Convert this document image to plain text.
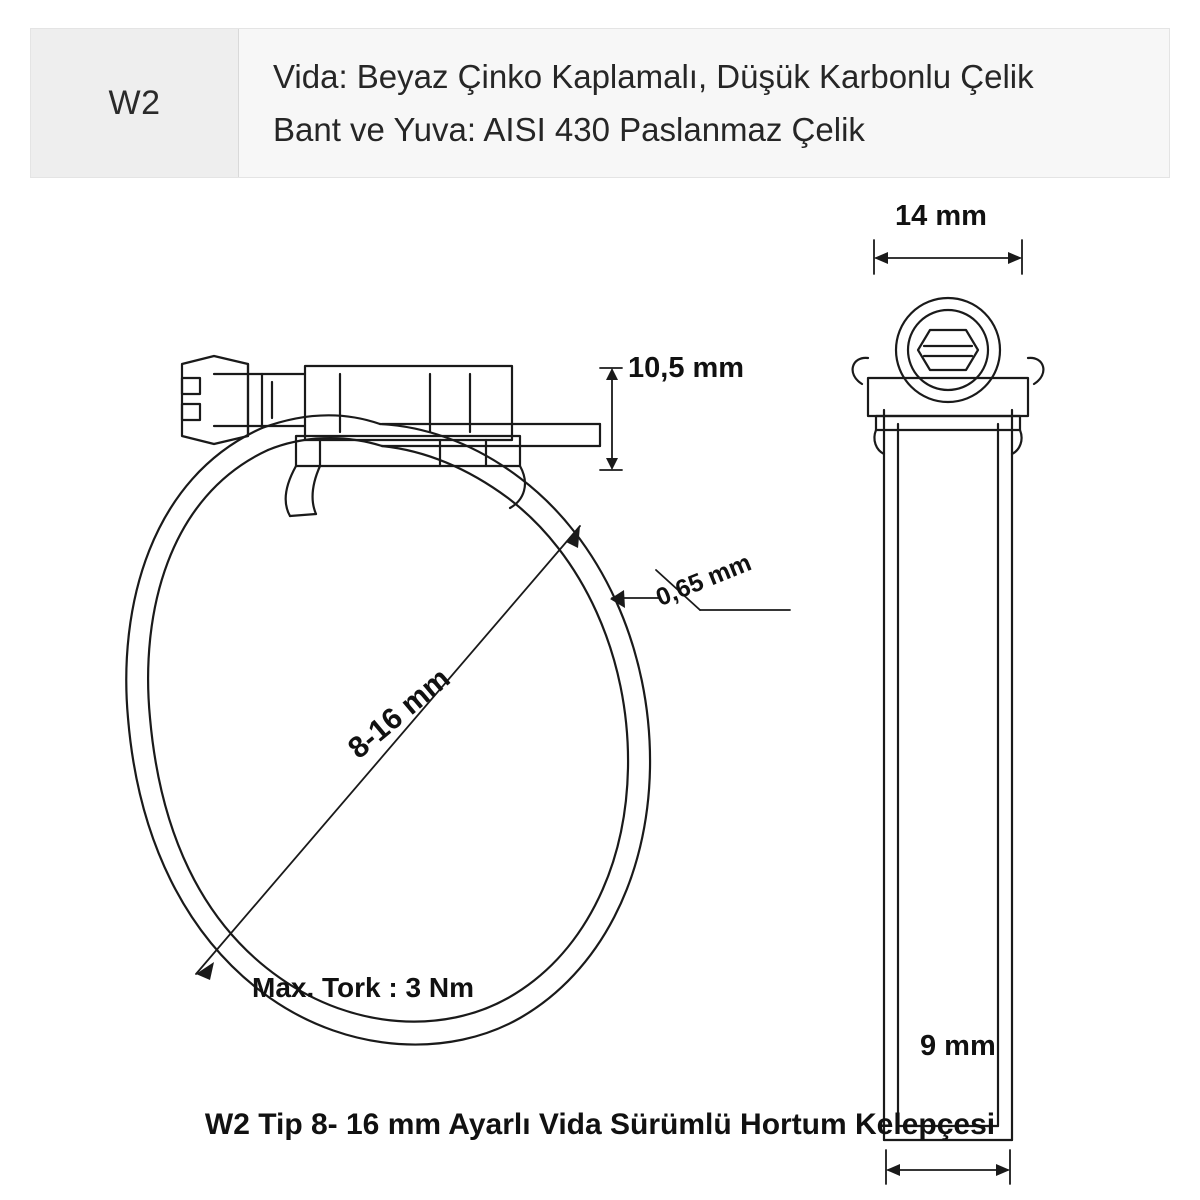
W2
Vida: Beyaz Çinko Kaplamalı, Düşük Karbonlu Çelik
Bant ve Yuva: AISI 430 Paslanmaz Çelik
10,5 mm
0,65 mm
8-16 mm
Max. Tork : 3 Nm
14 mm
9 mm
W2 Tip 8- 16 mm Ayarlı Vida Sürümlü Hortum Kelepçesi
